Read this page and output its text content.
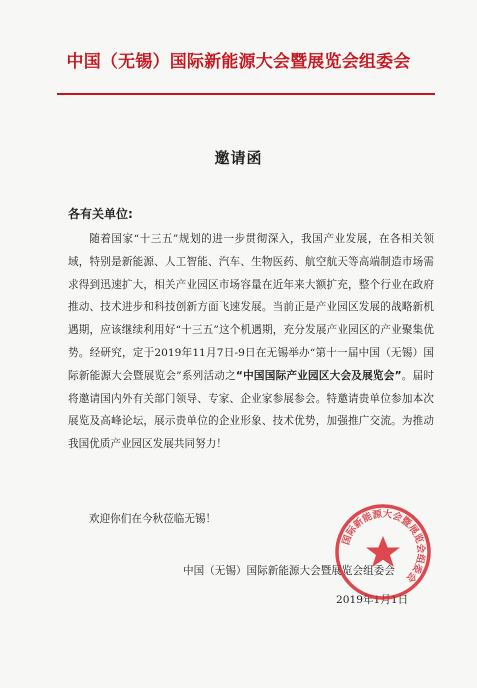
中国（无锡）国际新能源大会暨展览会组委会
邀请函
各有关单位:

随着国家“十三五”规划的进一步贯彻深入，我国产业发展，在各相关领域，特别是新能源、人工智能、汽车、生物医药、航空航天等高端制造市场需求得到迅速扩大，相关产业园区市场容量在近年来大额扩充，整个行业在政府推动、技术进步和科技创新方面飞速发展。当前正是产业园区发展的战略新机遇期，应该继续利用好“十三五”这个机遇期，充分发展产业园区的产业聚集优势。经研究，定于2019年11月7日-9日在无锡举办“第十一届中国（无锡）国际新能源大会暨展览会”系列活动之“中国国际产业园区大会及展览会”。届时将邀请国内外有关部门领导、专家、企业家参展参会。特邀请贵单位参加本次展览及高峰论坛，展示贵单位的企业形象、技术优势，加强推广交流。为推动我国优质产业园区发展共同努力！

欢迎你们在今秋莅临无锡！
中国（无锡）国际新能源大会暨展览会组委会
2019年1月1日
国际新能源大会暨展览会组委会
